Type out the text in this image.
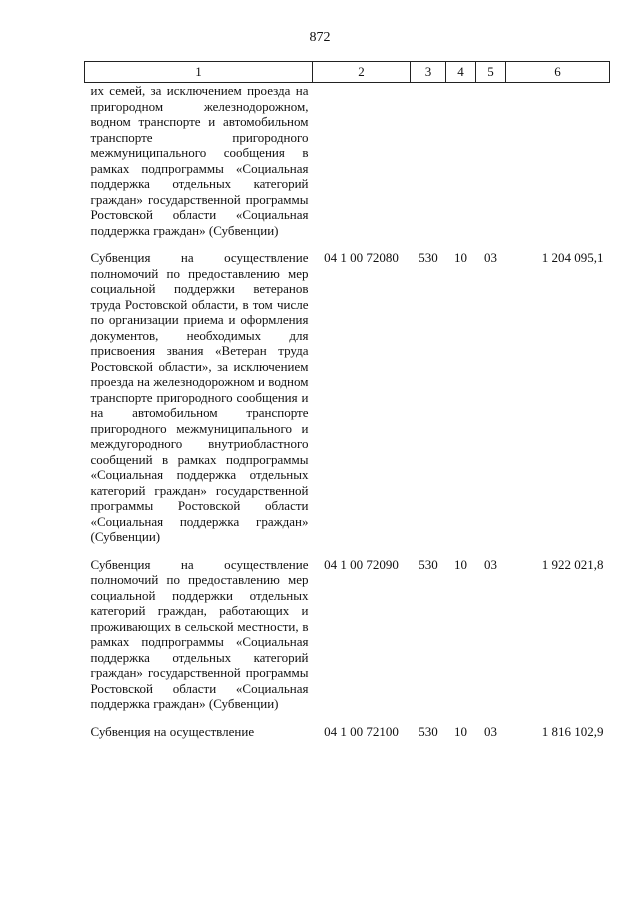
872
1	2	3	4	5	6
их семей, за исключением проезда на пригородном железнодорожном, водном транспорте и автомобильном транспорте пригородного межмуниципального сообщения в рамках подпрограммы «Социальная поддержка отдельных категорий граждан» государственной программы Ростовской области «Социальная поддержка граждан» (Субвенции)					
Субвенция на осуществление полномочий по предоставлению мер социальной поддержки ветеранов труда Ростовской области, в том числе по организации приема и оформления документов, необходимых для присвоения звания «Ветеран труда Ростовской области», за исключением проезда на железнодорожном и водном транспорте пригородного сообщения и на автомобильном транспорте пригородного межмуниципального и междугородного внутриобластного сообщений в рамках подпрограммы «Социальная поддержка отдельных категорий граждан» государственной программы Ростовской области «Социальная поддержка граждан» (Субвенции)	04 1 00 72080	530	10	03	1 204 095,1
Субвенция на осуществление полномочий по предоставлению мер социальной поддержки отдельных категорий граждан, работающих и проживающих в сельской местности, в рамках подпрограммы «Социальная поддержка отдельных категорий граждан» государственной программы Ростовской области «Социальная поддержка граждан» (Субвенции)	04 1 00 72090	530	10	03	1 922 021,8
Субвенция на осуществление	04 1 00 72100	530	10	03	1 816 102,9
